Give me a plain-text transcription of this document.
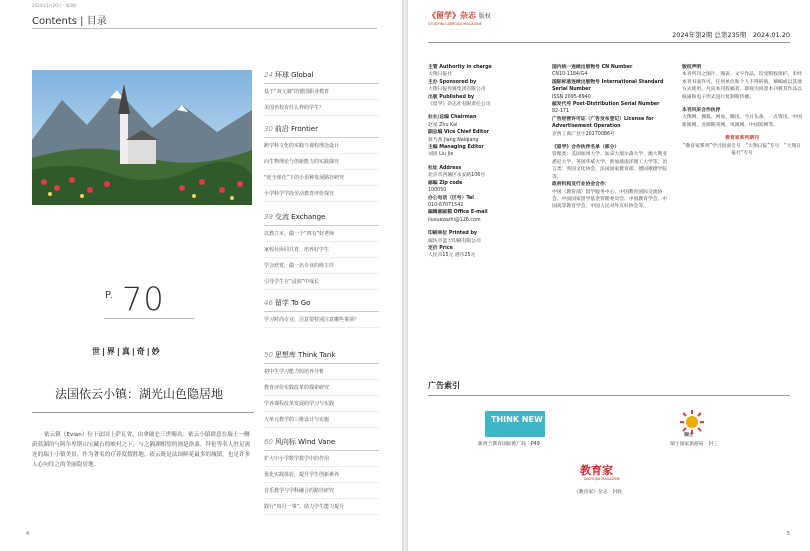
2024年1月20日 · 第2期
Contents | 目录
P. 70
世|界|真|奇|妙
法国依云小镇：湖光山色隐居地
依云镇（Evian）位于法国上萨瓦省，由拿破仑三世赐名。依云小镇肆意在瑞士一侧蔚蓝湖泊与阿尔卑斯山宝藏石的映衬之下，与之隔湖相望的则是洛桑。拜伦等名人驻足流连的瑞士小镇美景。作为著名的疗养度假胜地，依云既是法国鲜花最多的城镇，也是许多人心向往之的美丽隐居地。
24 环球 Global
基于“双元制”的德国职业教育
美国名校有什么样的学生？
30 前沿 Frontier
跨学科文化的实践与课程理念设计
向生物理论与创新能力的实践探究
“逆全球化”下的小语种发展路径研究
小学科学学段劳动教育评价探究
38 交流 Exchange
以教立本、做一个“四有”好老师
家校社协同共育，培养好学生
学会欣赏，做一名专业的班主任
引导学生在“浸润”中成长
46 留学 To Go
学习时尚专业，注意要特别注意哪些事项？
50 思想库 Think Tank
初中生学习能力的培养分析
教育评价实践改革的探索研究
学养课程改革发展的学习与实践
大单元教学的三维设计与实施
60 风向标 Wind Vane
扩大中小学数学教学中的作用
优化实践体验，提升学生创新素养
音乐教学与学科融合的路径研究
践行“每月一事”，助力学生能力提升
4
《留学》杂志 版权
STUDYING ABROAD MAGAZINE
2024年第2期 总第235期　2024.01.20
主管 Authority in charge
大翔日报社
主办 Sponsored by
大翔日报传媒集团有限公司
出版 Published by
《留学》杂志社有限责任公司
社长/总编 Chairman
赵星 Zhu Kai
副总编 Vice Chief Editor
蒋乃茜 Jiang Naiqiang
主编 Managing Editor
刘清 Liu Jie
社址 Address
北京市西城区永安路106号
邮编 Zip code
100050
办公电话（区号）Tel
010-67071542
编辑部邮箱 Office E-mail
liuxuezazhi@126.com
印刷单位 Printed by
廊坊市蓝天印刷有限公司
定价 Price
人民币15元 港币25元
国内统一连续出版物号 CN Number
CN10-1184/G4
国际标准连续出版物号 International Standard Serial Number
ISSN 2095-6940
邮发代号 Post-Distribution Serial Number
82-171
广告经营许可证（广告发布登记）License for Advertisement Operation
京西工商广登字20170086号
《留学》合作伙伴名单（部分）
管理类：美国加州大学、加拿大瑞尔森大学、澳大利亚悉尼大学、英国华威大学、新加坡南洋理工大学等。语言类：英国文化协会、法国国家教育部、德国歌德学院等。
政府机构及行业协会合作：
中国（教育部）留学服务中心、中国教育国际交流协会、中国国家留学基金管理委员会、中国教育学会、中国高等教育学会、中国人民对外友好协会等。
版权声明
本刊所刊之图片、图表、文字作品，均受版权保护。未经本刊书面许可，任何单位和个人不得转载、摘编或以其他方式使用。凡向本刊投稿者，即视为同意本刊将其作品以纸质和电子形式进行复制和传播。
本刊风采合作伙伴
大翔网、搜狐、网易、腾讯、今日头条、一点资讯、中国新闻网、龙源期刊网、凤凰网、中国知网等。
教育家系列期刊
“教育家系列”学习指南专号　“大翔日报”专号　“大翔日报社”专号
广告索引
THINK NEW
新西兰教育国际推广局　P49
瑞士
瑞士国家旅游局　封三
教育家
JIAOYUJIA MAGAZINE
《教育家》杂志　封底
5
